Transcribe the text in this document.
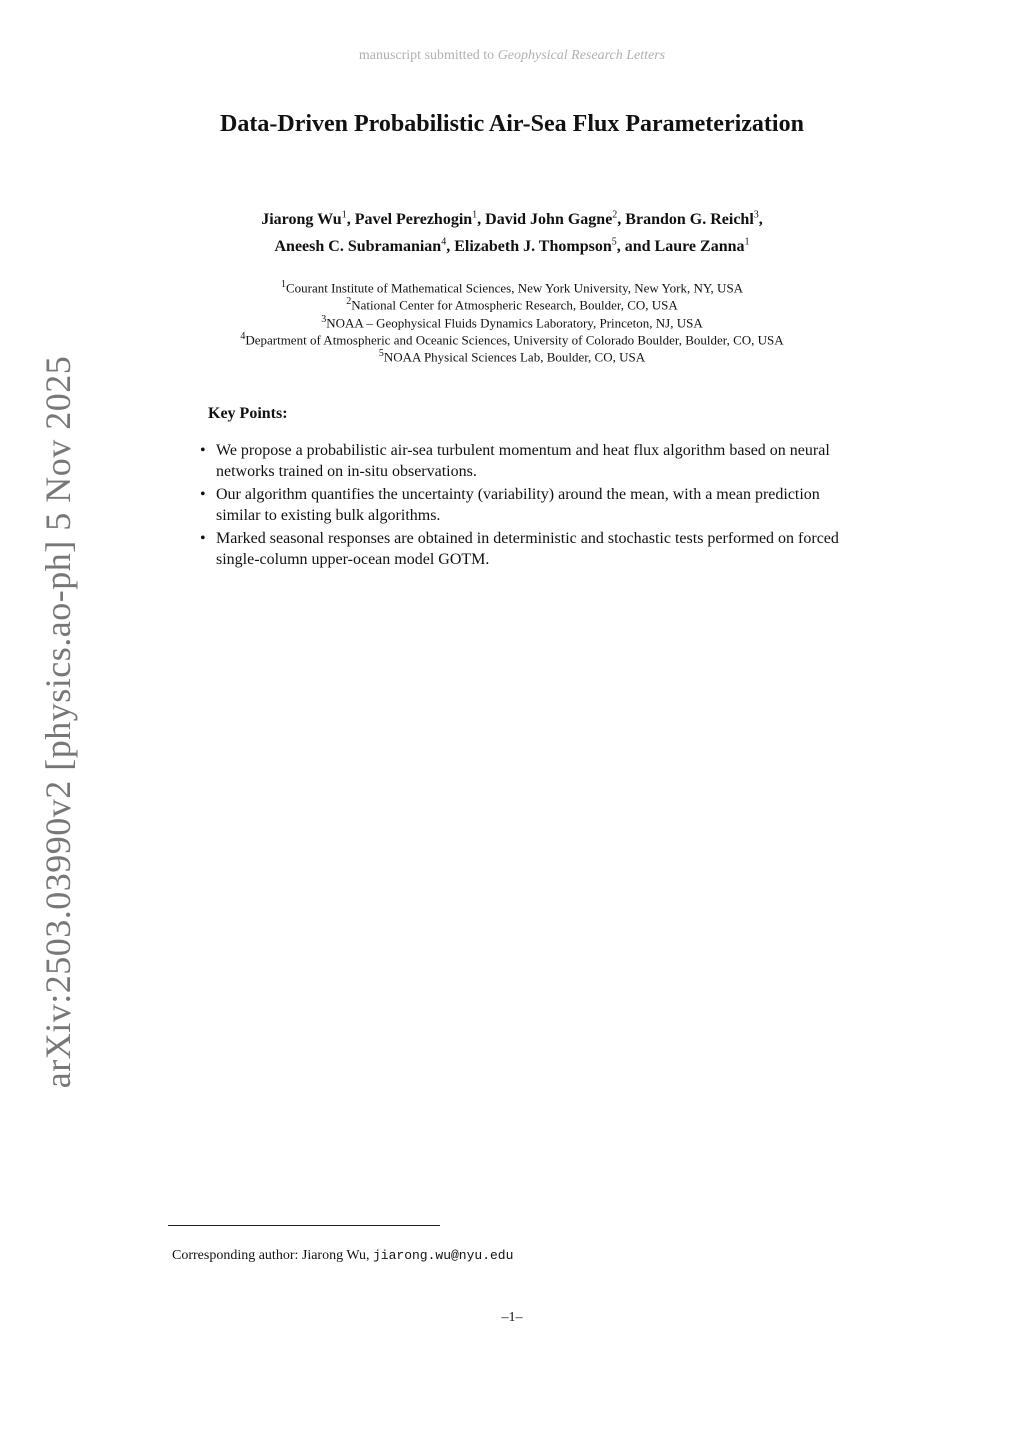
manuscript submitted to Geophysical Research Letters
Data-Driven Probabilistic Air-Sea Flux Parameterization
Jiarong Wu$^1$, Pavel Perezhogin$^1$, David John Gagne$^2$, Brandon G. Reichl$^3$,
Aneesh C. Subramanian$^4$, Elizabeth J. Thompson$^5$, and Laure Zanna$^1$
$^1$Courant Institute of Mathematical Sciences, New York University, New York, NY, USA
$^2$National Center for Atmospheric Research, Boulder, CO, USA
$^3$NOAA – Geophysical Fluids Dynamics Laboratory, Princeton, NJ, USA
$^4$Department of Atmospheric and Oceanic Sciences, University of Colorado Boulder, Boulder, CO, USA
$^5$NOAA Physical Sciences Lab, Boulder, CO, USA
Key Points:
• We propose a probabilistic air-sea turbulent momentum and heat flux algorithm based on neural networks trained on in-situ observations.
• Our algorithm quantifies the uncertainty (variability) around the mean, with a mean prediction similar to existing bulk algorithms.
• Marked seasonal responses are obtained in deterministic and stochastic tests performed on forced single-column upper-ocean model GOTM.
arXiv:2503.03990v2 [physics.ao-ph] 5 Nov 2025
Corresponding author: Jiarong Wu, jiarong.wu@nyu.edu
–1–
